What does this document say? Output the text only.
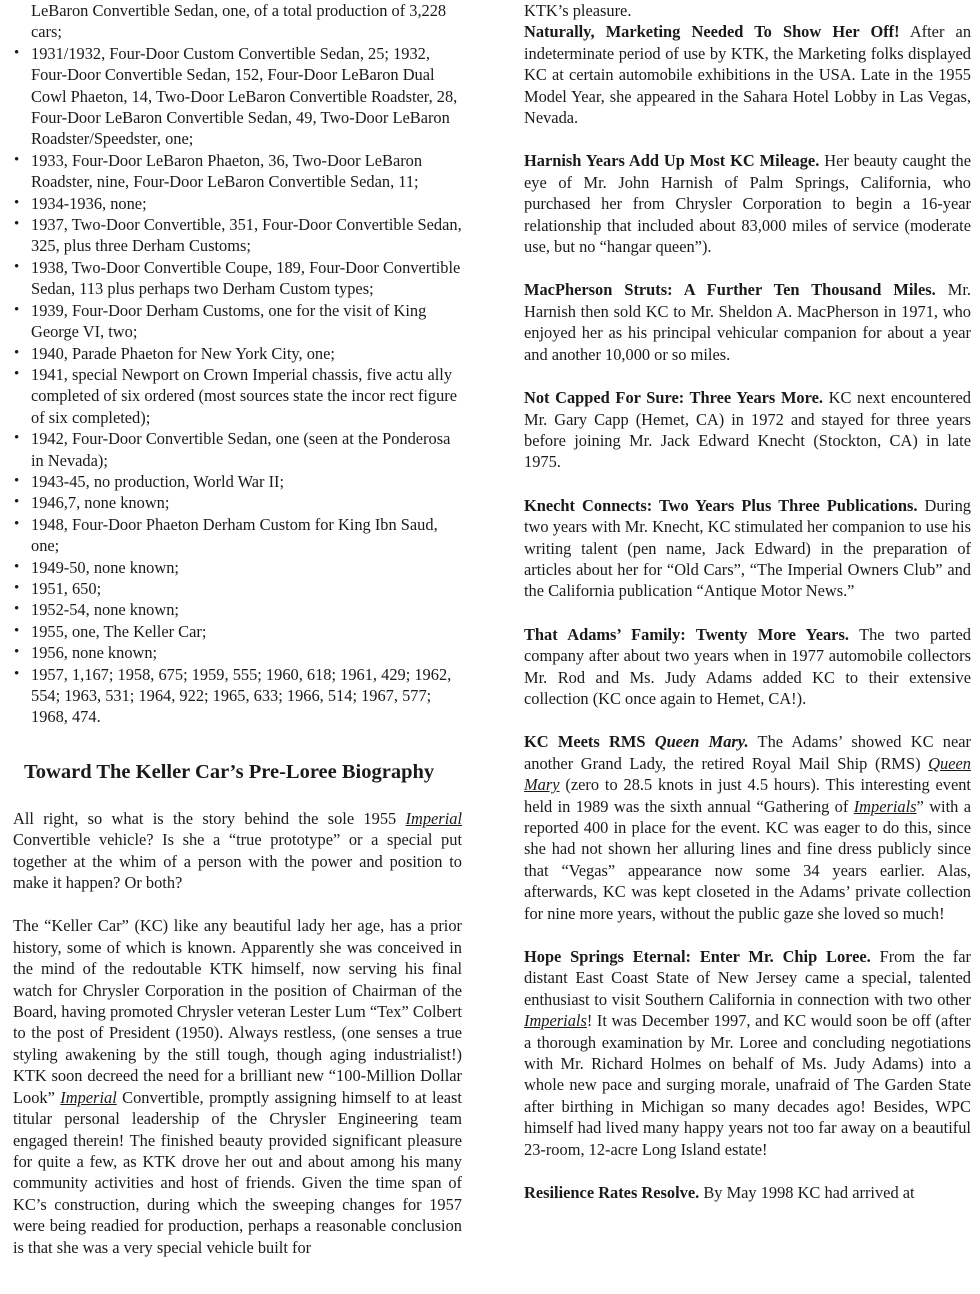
LeBaron Convertible Sedan, one, of a total production of 3,228 cars;

• 1931/1932, Four-Door Custom Convertible Sedan, 25; 1932, Four-Door Convertible Sedan, 152, Four-Door LeBaron Dual Cowl Phaeton, 14, Two-Door LeBaron Convertible Roadster, 28, Four-Door LeBaron Convertible Sedan, 49, Two-Door LeBaron Roadster/Speedster, one;
• 1933, Four-Door LeBaron Phaeton, 36, Two-Door LeBaron Roadster, nine, Four-Door LeBaron Convertible Sedan, 11;
• 1934-1936, none;
• 1937, Two-Door Convertible, 351, Four-Door Convertible Sedan, 325, plus three Derham Customs;
• 1938, Two-Door Convertible Coupe, 189, Four-Door Convertible Sedan, 113 plus perhaps two Derham Custom types;
• 1939, Four-Door Derham Customs, one for the visit of King George VI, two;
• 1940, Parade Phaeton for New York City, one;
• 1941, special Newport on Crown Imperial chassis, five actu ally completed of six ordered (most sources state the incor rect figure of six completed);
• 1942, Four-Door Convertible Sedan, one (seen at the Ponderosa in Nevada);
• 1943-45, no production, World War II;
• 1946,7, none known;
• 1948, Four-Door Phaeton Derham Custom for King Ibn Saud, one;
• 1949-50, none known;
• 1951, 650;
• 1952-54, none known;
• 1955, one, The Keller Car;
• 1956, none known;
• 1957, 1,167; 1958, 675; 1959, 555; 1960, 618; 1961, 429; 1962, 554; 1963, 531; 1964, 922; 1965, 633; 1966, 514; 1967, 577; 1968, 474.
Toward The Keller Car’s Pre-Loree Biography

All right, so what is the story behind the sole 1955 Imperial Convertible vehicle? Is she a “true prototype” or a special put together at the whim of a person with the power and position to make it happen? Or both?

The “Keller Car” (KC) like any beautiful lady her age, has a prior history, some of which is known. Apparently she was conceived in the mind of the redoutable KTK himself, now serving his final watch for Chrysler Corporation in the position of Chairman of the Board, having promoted Chrysler veteran Lester Lum “Tex” Colbert to the post of President (1950). Always restless, (one senses a true styling awakening by the still tough, though aging industrialist!) KTK soon decreed the need for a brilliant new “100-Million Dollar Look” Imperial Convertible, promptly assigning himself to at least titular personal leadership of the Chrysler Engineering team engaged therein! The finished beauty provided significant pleasure for quite a few, as KTK drove her out and about among his many community activities and host of friends. Given the time span of KC’s construction, during which the sweeping changes for 1957 were being readied for production, perhaps a reasonable conclusion is that she was a very special vehicle built for

KTK’s pleasure.

Naturally, Marketing Needed To Show Her Off! After an indeterminate period of use by KTK, the Marketing folks displayed KC at certain automobile exhibitions in the USA. Late in the 1955 Model Year, she appeared in the Sahara Hotel Lobby in Las Vegas, Nevada.

Harnish Years Add Up Most KC Mileage. Her beauty caught the eye of Mr. John Harnish of Palm Springs, California, who purchased her from Chrysler Corporation to begin a 16-year relationship that included about 83,000 miles of service (moderate use, but no “hangar queen”).

MacPherson Struts: A Further Ten Thousand Miles. Mr. Harnish then sold KC to Mr. Sheldon A. MacPherson in 1971, who enjoyed her as his principal vehicular companion for about a year and another 10,000 or so miles.

Not Capped For Sure: Three Years More. KC next encountered Mr. Gary Capp (Hemet, CA) in 1972 and stayed for three years before joining Mr. Jack Edward Knecht (Stockton, CA) in late 1975.

Knecht Connects: Two Years Plus Three Publications. During two years with Mr. Knecht, KC stimulated her companion to use his writing talent (pen name, Jack Edward) in the preparation of articles about her for “Old Cars”, “The Imperial Owners Club” and the California publication “Antique Motor News.”

That Adams’ Family: Twenty More Years. The two parted company after about two years when in 1977 automobile collectors Mr. Rod and Ms. Judy Adams added KC to their extensive collection (KC once again to Hemet, CA!).

KC Meets RMS Queen Mary. The Adams’ showed KC near another Grand Lady, the retired Royal Mail Ship (RMS) Queen Mary (zero to 28.5 knots in just 4.5 hours). This interesting event held in 1989 was the sixth annual “Gathering of Imperials” with a reported 400 in place for the event. KC was eager to do this, since she had not shown her alluring lines and fine dress publicly since that “Vegas” appearance now some 34 years earlier. Alas, afterwards, KC was kept closeted in the Adams’ private collection for nine more years, without the public gaze she loved so much!

Hope Springs Eternal: Enter Mr. Chip Loree. From the far distant East Coast State of New Jersey came a special, talented enthusiast to visit Southern California in connection with two other Imperials! It was December 1997, and KC would soon be off (after a thorough examination by Mr. Loree and concluding negotiations with Mr. Richard Holmes on behalf of Ms. Judy Adams) into a whole new pace and surging morale, unafraid of The Garden State after birthing in Michigan so many decades ago! Besides, WPC himself had lived many happy years not too far away on a beautiful 23-room, 12-acre Long Island estate!

Resilience Rates Resolve. By May 1998 KC had arrived at
